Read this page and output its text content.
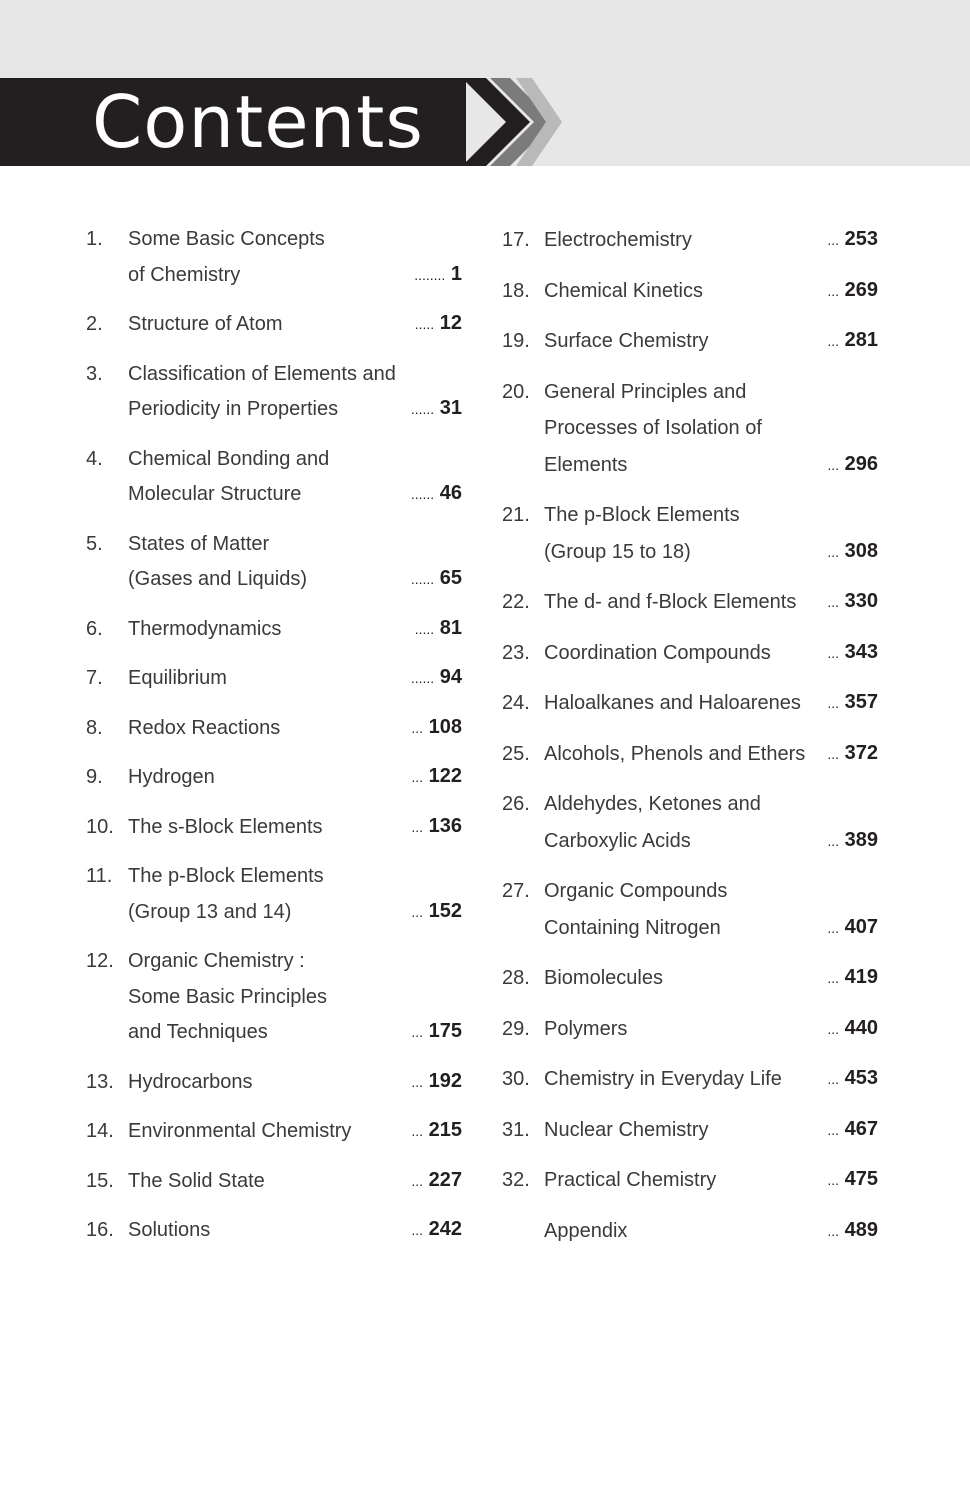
Contents
1. Some Basic Concepts
of Chemistry	........ 1
2. Structure of Atom	..... 12
3. Classification of Elements and
Periodicity in Properties	...... 31
4. Chemical Bonding and
Molecular Structure	...... 46
5. States of Matter
(Gases and Liquids)	...... 65
6. Thermodynamics	..... 81
7. Equilibrium	...... 94
8. Redox Reactions	... 108
9. Hydrogen	... 122
10. The s-Block Elements	... 136
11. The p-Block Elements
(Group 13 and 14)	... 152
12. Organic Chemistry :
Some Basic Principles
and Techniques	... 175
13. Hydrocarbons	... 192
14. Environmental Chemistry	... 215
15. The Solid State	... 227
16. Solutions	... 242
17. Electrochemistry	... 253
18. Chemical Kinetics	... 269
19. Surface Chemistry	... 281
20. General Principles and
Processes of Isolation of
Elements	... 296
21. The p-Block Elements
(Group 15 to 18)	... 308
22. The d- and f-Block Elements	... 330
23. Coordination Compounds	... 343
24. Haloalkanes and Haloarenes	... 357
25. Alcohols, Phenols and Ethers	... 372
26. Aldehydes, Ketones and
Carboxylic Acids	... 389
27. Organic Compounds
Containing Nitrogen	... 407
28. Biomolecules	... 419
29. Polymers	... 440
30. Chemistry in Everyday Life	... 453
31. Nuclear Chemistry	... 467
32. Practical Chemistry	... 475
Appendix	... 489
